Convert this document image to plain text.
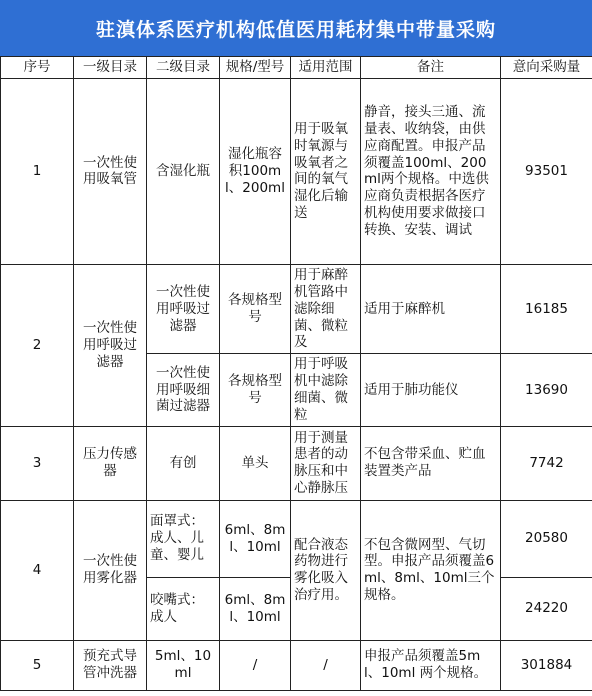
驻滇体系医疗机构低值医用耗材集中带量采购
序号	一级目录	二级目录	规格/型号	适用范围	备注	意向采购量
1	一次性使用吸氧管	含湿化瓶	湿化瓶容积100ml、200ml	用于吸氧时氧源与吸氧者之间的氧气湿化后输送	静音，接头三通、流量表、收纳袋，由供应商配置。申报产品须覆盖100ml、200ml两个规格。中选供应商负责根据各医疗机构使用要求做接口转换、安装、调试	93501
2	一次性使用呼吸过滤器	一次性使用呼吸过滤器	各规格型号	用于麻醉机管路中滤除细菌、微粒及	适用于麻醉机	16185
		一次性使用呼吸细菌过滤器	各规格型号	用于呼吸机中滤除细菌、微粒	适用于肺功能仪	13690
3	压力传感器	有创	单头	用于测量患者的动脉压和中心静脉压	不包含带采血、贮血装置类产品	7742
4	一次性使用雾化器	面罩式：成人、儿童、婴儿	6ml、8ml、10ml	配合液态药物进行雾化吸入治疗用。	不包含微网型、气切型。申报产品须覆盖6ml、8ml、10ml三个规格。	20580
		咬嘴式：成人	6ml、8ml、10ml			24220
5	预充式导管冲洗器	5ml、10ml	/	/	申报产品须覆盖5ml、10ml 两个规格。	301884
